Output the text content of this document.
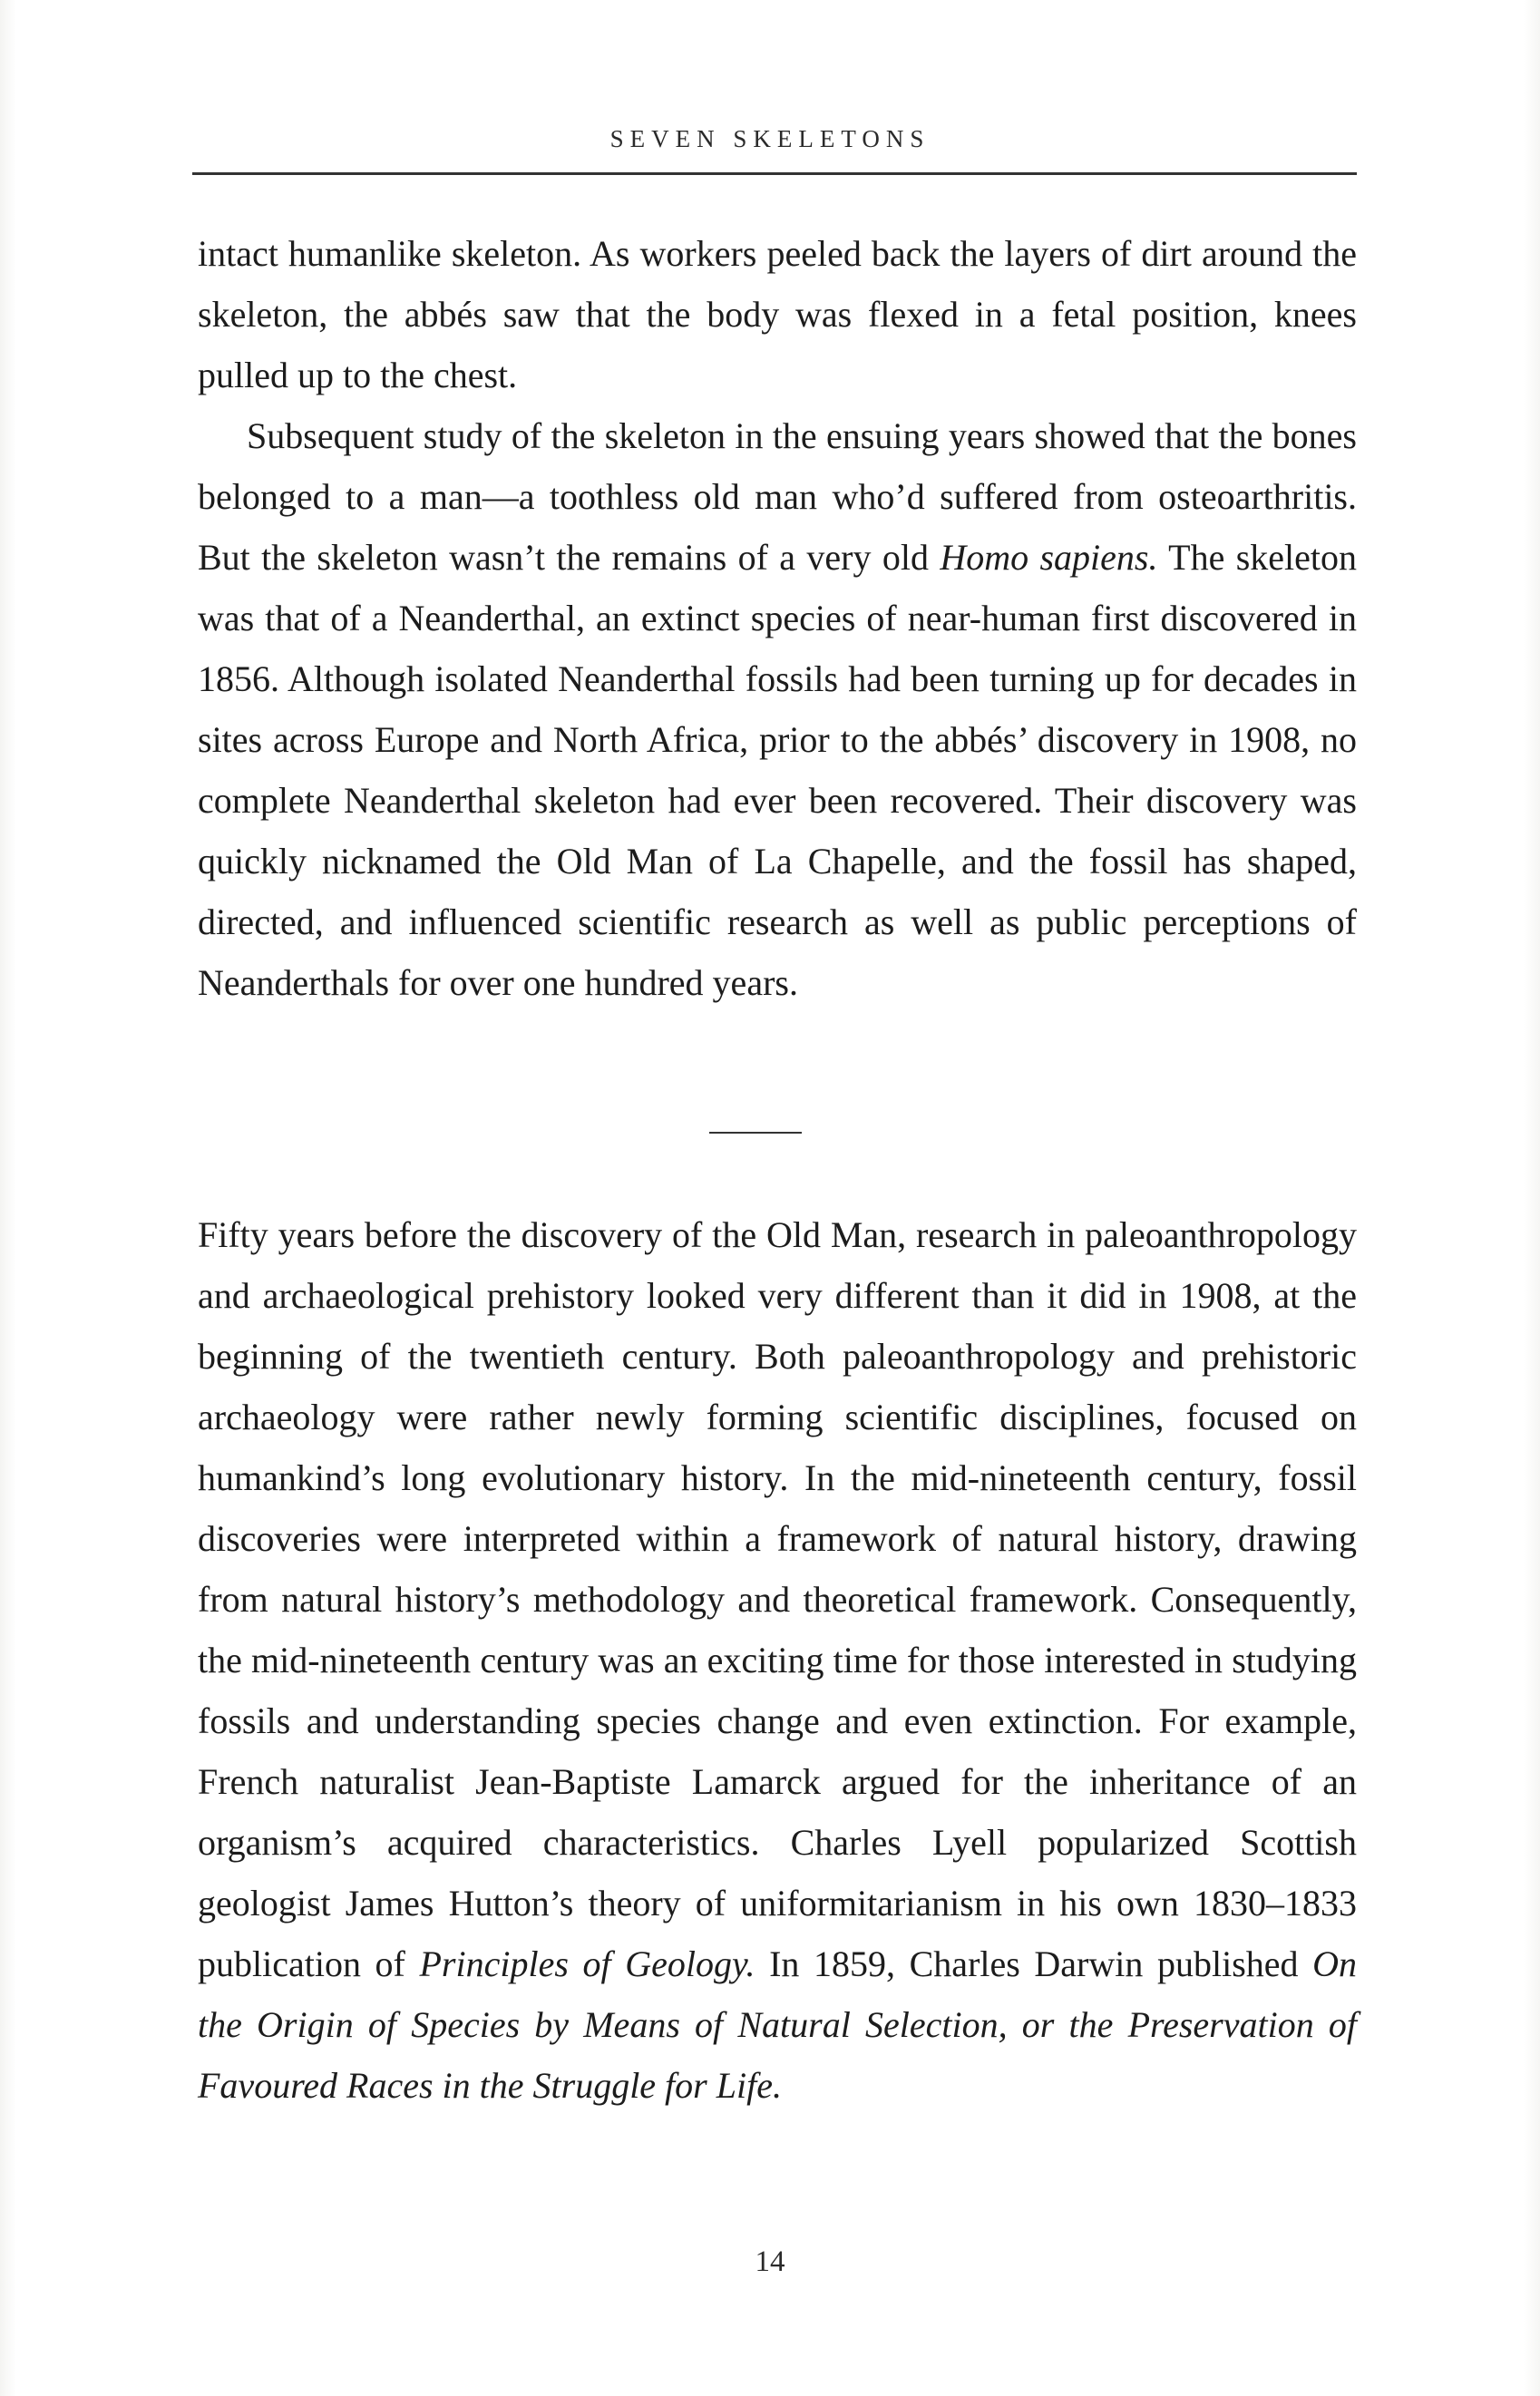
SEVEN SKELETONS

intact humanlike skeleton. As workers peeled back the layers of dirt around the skeleton, the abbés saw that the body was flexed in a fetal position, knees pulled up to the chest.

Subsequent study of the skeleton in the ensuing years showed that the bones belonged to a man—a toothless old man who’d suffered from osteoarthritis. But the skeleton wasn’t the remains of a very old Homo sapiens. The skeleton was that of a Neanderthal, an extinct species of near-human first discovered in 1856. Although isolated Neanderthal fossils had been turning up for decades in sites across Europe and North Africa, prior to the abbés’ discovery in 1908, no complete Neanderthal skeleton had ever been recovered. Their discovery was quickly nicknamed the Old Man of La Chapelle, and the fossil has shaped, directed, and influenced scientific research as well as public perceptions of Neanderthals for over one hundred years.

Fifty years before the discovery of the Old Man, research in paleoanthropology and archaeological prehistory looked very different than it did in 1908, at the beginning of the twentieth century. Both paleoanthropology and prehistoric archaeology were rather newly forming scientific disciplines, focused on humankind’s long evolutionary history. In the mid-nineteenth century, fossil discoveries were interpreted within a framework of natural history, drawing from natural history’s methodology and theoretical framework. Consequently, the mid-nineteenth century was an exciting time for those interested in studying fossils and understanding species change and even extinction. For example, French naturalist Jean-Baptiste Lamarck argued for the inheritance of an organism’s acquired characteristics. Charles Lyell popularized Scottish geologist James Hutton’s theory of uniformitarianism in his own 1830–1833 publication of Principles of Geology. In 1859, Charles Darwin published On the Origin of Species by Means of Natural Selection, or the Preservation of Favoured Races in the Struggle for Life.

14
